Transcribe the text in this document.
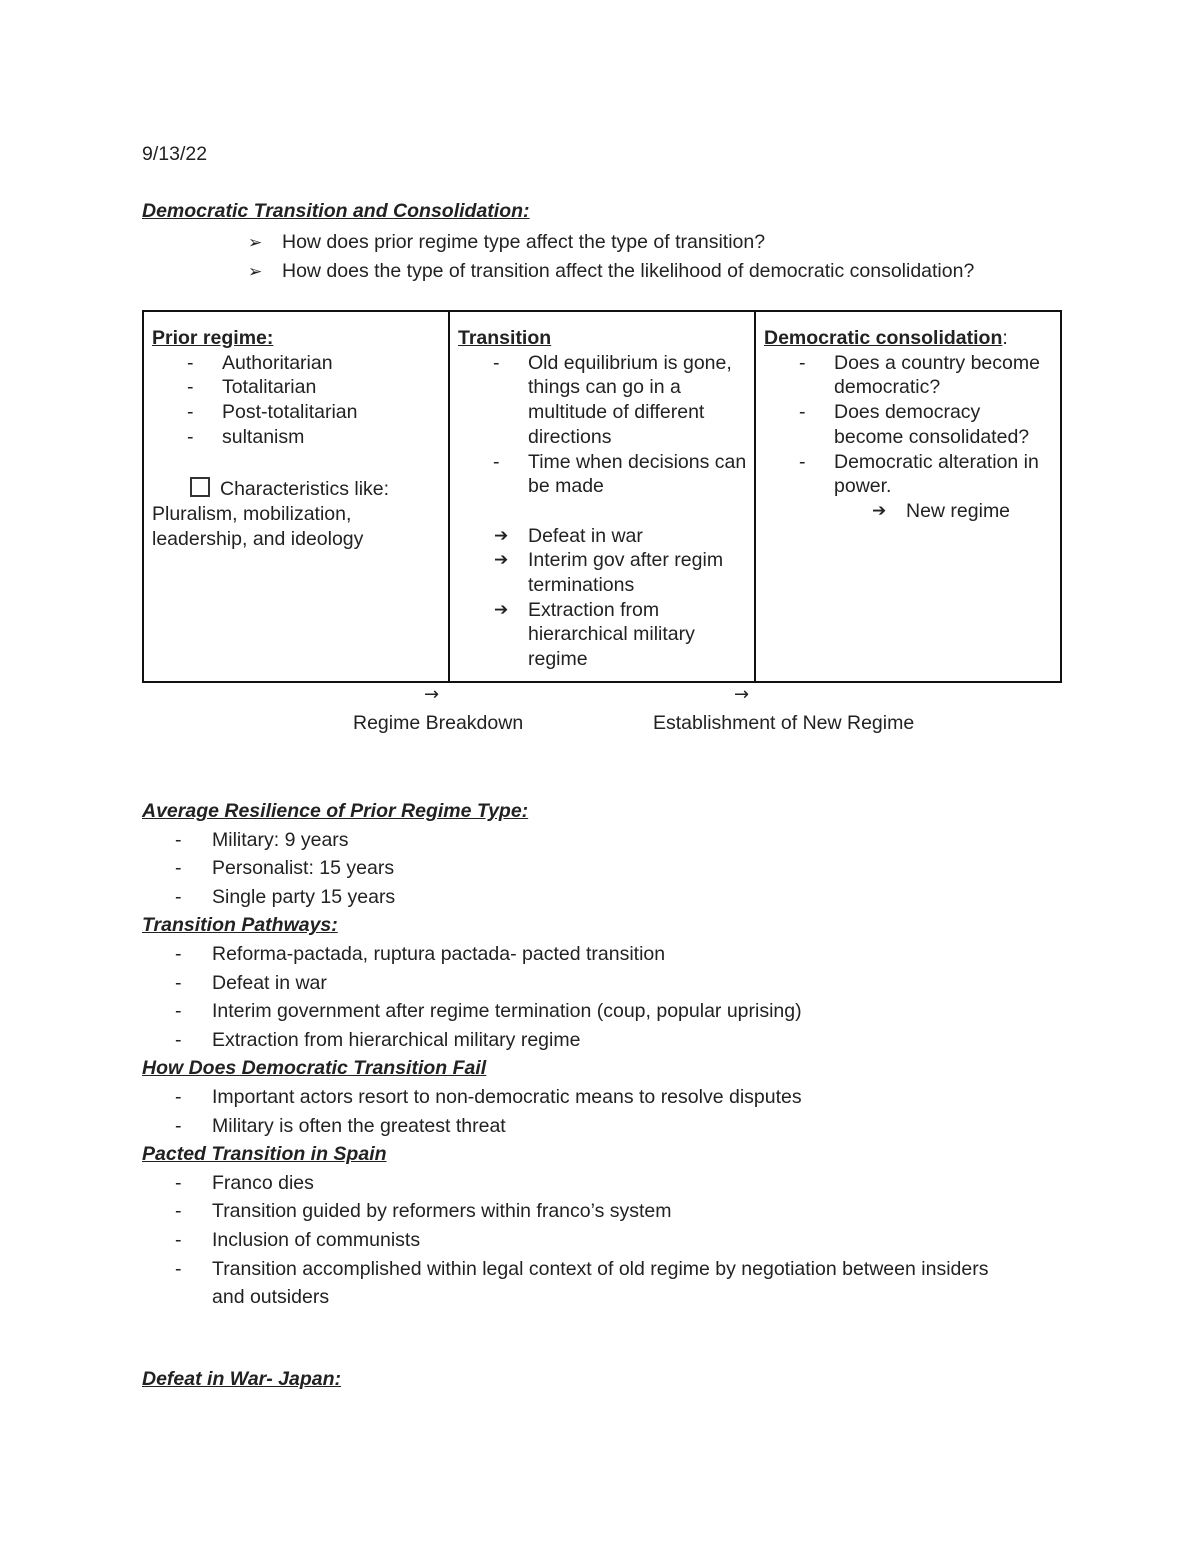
9/13/22
Democratic Transition and Consolidation:
➢ How does prior regime type affect the type of transition?
➢ How does the type of transition affect the likelihood of democratic consolidation?
Prior regime:
- Authoritarian
- Totalitarian
- Post-totalitarian
- sultanism
Characteristics like:
Pluralism, mobilization, leadership, and ideology

Transition
- Old equilibrium is gone, things can go in a multitude of different directions
- Time when decisions can be made
➔ Defeat in war
➔ Interim gov after regim terminations
➔ Extraction from hierarchical military regime

Democratic consolidation:
- Does a country become democratic?
- Does democracy become consolidated?
- Democratic alteration in power.
➔ New regime
→	→
Regime Breakdown	Establishment of New Regime
Average Resilience of Prior Regime Type:
- Military: 9 years
- Personalist: 15 years
- Single party 15 years
Transition Pathways:
- Reforma-pactada, ruptura pactada- pacted transition
- Defeat in war
- Interim government after regime termination (coup, popular uprising)
- Extraction from hierarchical military regime
How Does Democratic Transition Fail
- Important actors resort to non-democratic means to resolve disputes
- Military is often the greatest threat
Pacted Transition in Spain
- Franco dies
- Transition guided by reformers within franco’s system
- Inclusion of communists
- Transition accomplished within legal context of old regime by negotiation between insiders and outsiders
Defeat in War- Japan:
